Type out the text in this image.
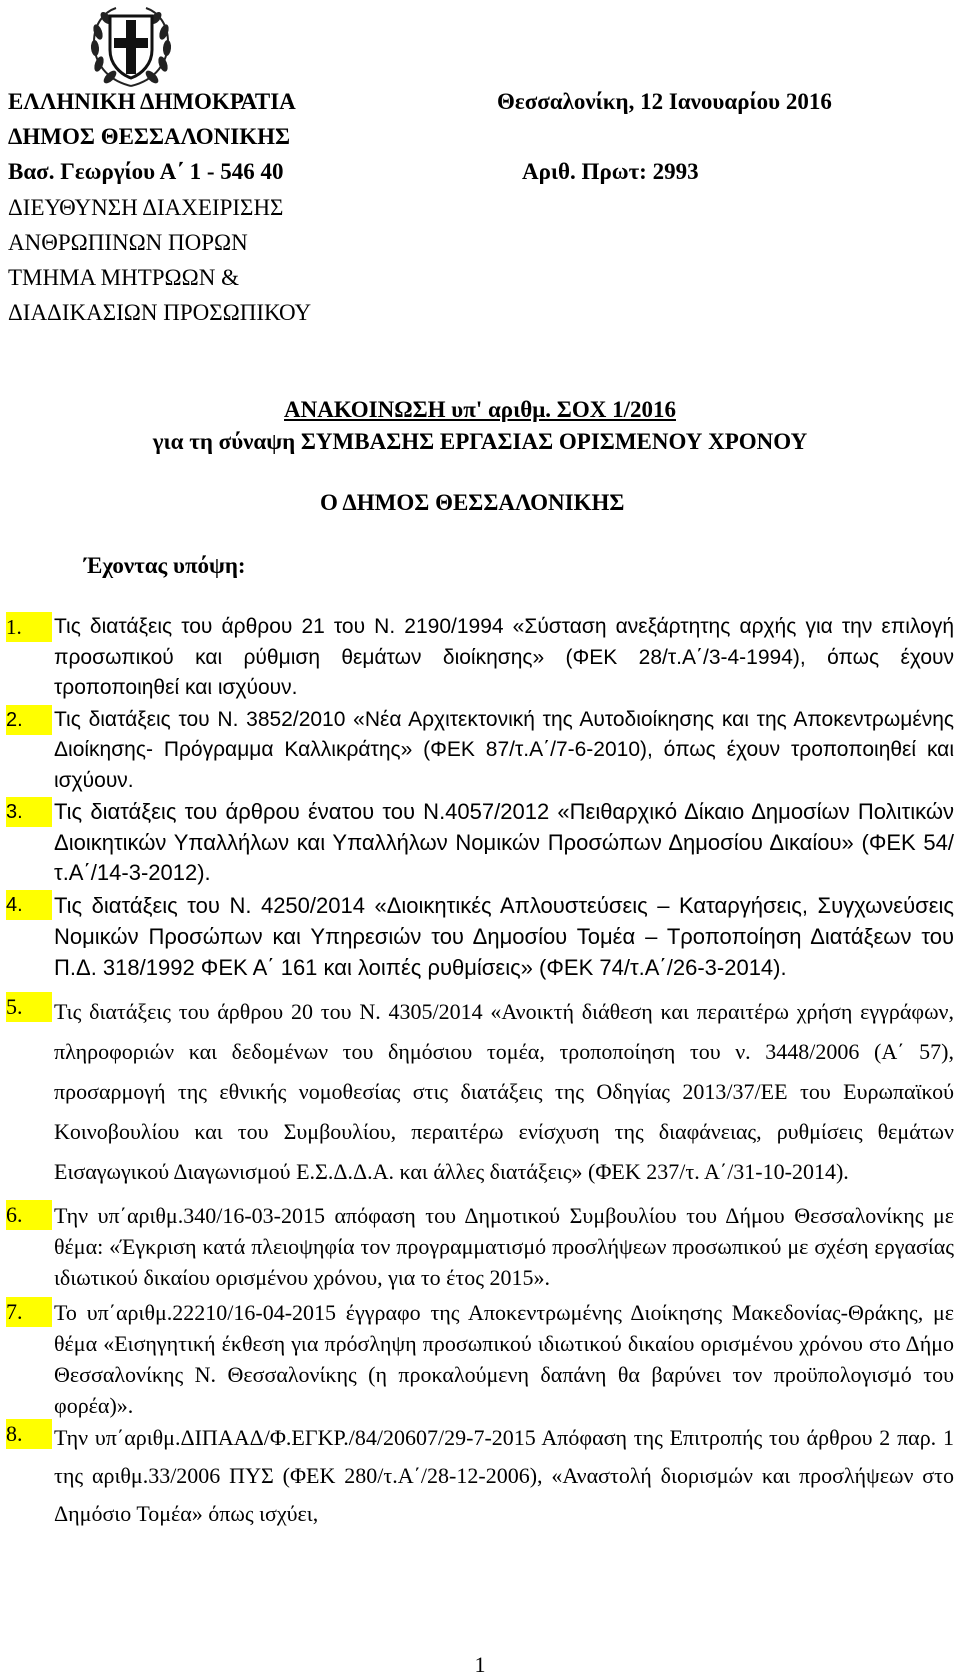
ΕΛΛΗΝΙΚΗ ΔΗΜΟΚΡΑΤΙΑ
ΔΗΜΟΣ ΘΕΣΣΑΛΟΝΙΚΗΣ
Βασ. Γεωργίου Α΄ 1 - 546 40
ΔΙΕΥΘΥΝΣΗ ΔΙΑΧΕΙΡΙΣΗΣ
ΑΝΘΡΩΠΙΝΩΝ ΠΟΡΩΝ
ΤΜΗΜΑ ΜΗΤΡΩΩΝ &
ΔΙΑΔΙΚΑΣΙΩΝ ΠΡΟΣΩΠΙΚΟΥ
Θεσσαλονίκη, 12 Ιανουαρίου 2016
Αριθ. Πρωτ: 2993
ΑΝΑΚΟΙΝΩΣΗ υπ' αριθμ. ΣΟΧ 1/2016
για τη σύναψη ΣΥΜΒΑΣΗΣ ΕΡΓΑΣΙΑΣ ΟΡΙΣΜΕΝΟΥ ΧΡΟΝΟΥ
Ο ΔΗΜΟΣ ΘΕΣΣΑΛΟΝΙΚΗΣ
Έχοντας υπόψη:
1.	Τις διατάξεις του άρθρου 21 του Ν. 2190/1994 «Σύσταση ανεξάρτητης αρχής για την επιλογή προσωπικού και ρύθμιση θεμάτων διοίκησης» (ΦΕΚ 28/τ.Α΄/3-4-1994), όπως έχουν τροποποιηθεί και ισχύουν.
2.	Τις διατάξεις του Ν. 3852/2010 «Νέα Αρχιτεκτονική της Αυτοδιοίκησης και της Αποκεντρωμένης Διοίκησης- Πρόγραμμα Καλλικράτης» (ΦΕΚ 87/τ.Α΄/7-6-2010), όπως έχουν τροποποιηθεί και ισχύουν.
3.	Τις διατάξεις του άρθρου ένατου του Ν.4057/2012 «Πειθαρχικό Δίκαιο Δημοσίων Πολιτικών Διοικητικών Υπαλλήλων και Υπαλλήλων Νομικών Προσώπων Δημοσίου Δικαίου» (ΦΕΚ 54/τ.Α΄/14-3-2012).
4.	Τις διατάξεις του Ν. 4250/2014 «Διοικητικές Απλουστεύσεις – Καταργήσεις, Συγχωνεύσεις Νομικών Προσώπων και Υπηρεσιών του Δημοσίου Τομέα – Τροποποίηση Διατάξεων του Π.Δ. 318/1992 ΦΕΚ Α΄ 161 και λοιπές ρυθμίσεις» (ΦΕΚ 74/τ.Α΄/26-3-2014).
5.	Τις διατάξεις του άρθρου 20 του Ν. 4305/2014 «Ανοικτή διάθεση και περαιτέρω χρήση εγγράφων, πληροφοριών και δεδομένων του δημόσιου τομέα, τροποποίηση του ν. 3448/2006 (Α΄ 57), προσαρμογή της εθνικής νομοθεσίας στις διατάξεις της Οδηγίας 2013/37/ΕΕ του Ευρωπαϊκού Κοινοβουλίου και του Συμβουλίου, περαιτέρω ενίσχυση της διαφάνειας, ρυθμίσεις θεμάτων Εισαγωγικού Διαγωνισμού Ε.Σ.Δ.Δ.Α. και άλλες διατάξεις» (ΦΕΚ 237/τ. Α΄/31-10-2014).
6.	Την υπ΄αριθμ.340/16-03-2015 απόφαση του Δημοτικού Συμβουλίου του Δήμου Θεσσαλονίκης με θέμα: «Έγκριση κατά πλειοψηφία τον προγραμματισμό προσλήψεων προσωπικού με σχέση εργασίας ιδιωτικού δικαίου ορισμένου χρόνου, για το έτος 2015».
7.	Το υπ΄αριθμ.22210/16-04-2015 έγγραφο της Αποκεντρωμένης Διοίκησης Μακεδονίας-Θράκης, με θέμα «Εισηγητική έκθεση για πρόσληψη προσωπικού ιδιωτικού δικαίου ορισμένου χρόνου στο Δήμο Θεσσαλονίκης Ν. Θεσσαλονίκης (η προκαλούμενη δαπάνη θα βαρύνει τον προϋπολογισμό του φορέα)».
8.	Την υπ΄αριθμ.ΔΙΠΑΑΔ/Φ.ΕΓΚΡ./84/20607/29-7-2015 Απόφαση της Επιτροπής του άρθρου 2 παρ. 1 της αριθμ.33/2006 ΠΥΣ (ΦΕΚ 280/τ.Α΄/28-12-2006), «Αναστολή διορισμών και προσλήψεων στο Δημόσιο Τομέα» όπως ισχύει,
1
